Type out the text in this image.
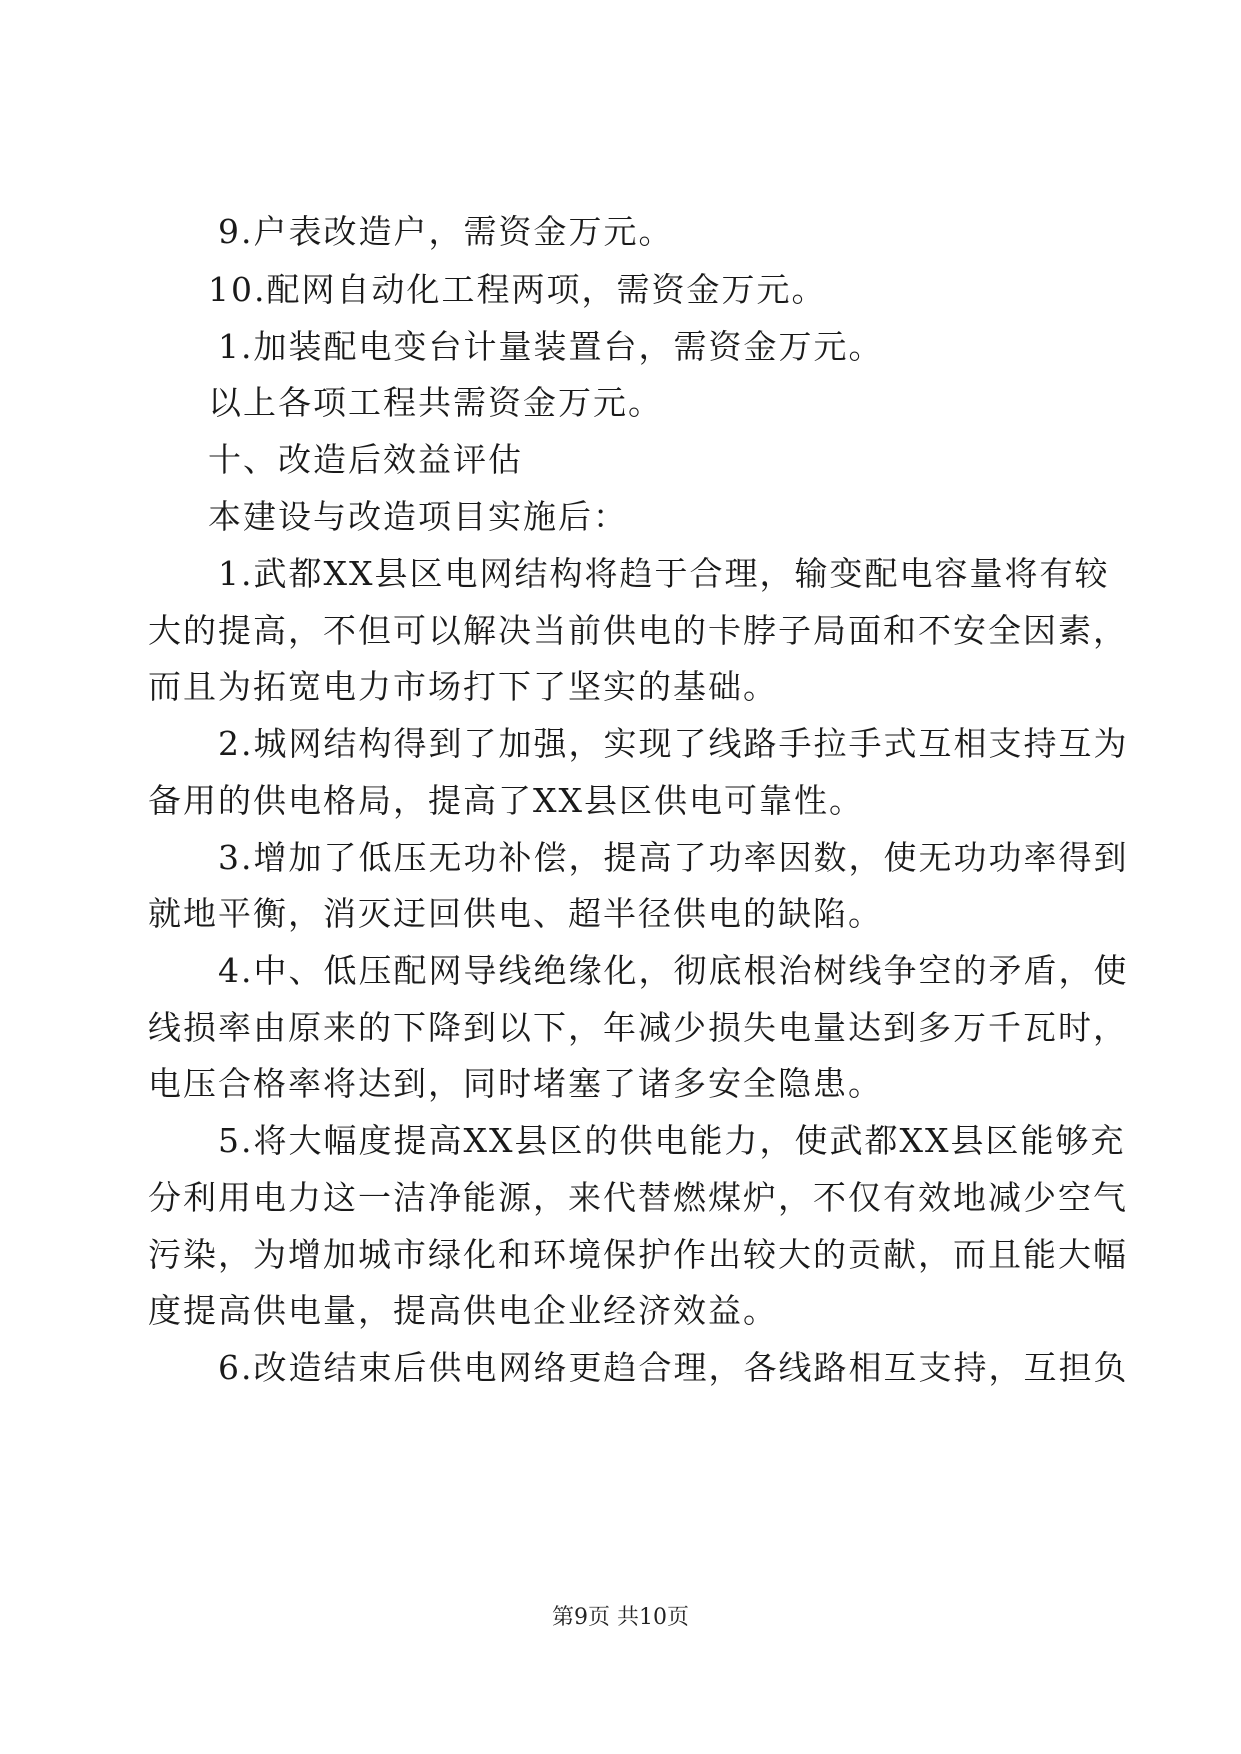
9.户表改造户，需资金万元。
10.配网自动化工程两项，需资金万元。
1.加装配电变台计量装置台，需资金万元。
以上各项工程共需资金万元。
十、改造后效益评估
本建设与改造项目实施后：
1.武都XX县区电网结构将趋于合理，输变配电容量将有较
大的提高，不但可以解决当前供电的卡脖子局面和不安全因素，
而且为拓宽电力市场打下了坚实的基础。
2.城网结构得到了加强，实现了线路手拉手式互相支持互为
备用的供电格局，提高了XX县区供电可靠性。
3.增加了低压无功补偿，提高了功率因数，使无功功率得到
就地平衡，消灭迂回供电、超半径供电的缺陷。
4.中、低压配网导线绝缘化，彻底根治树线争空的矛盾，使
线损率由原来的下降到以下，年减少损失电量达到多万千瓦时，
电压合格率将达到，同时堵塞了诸多安全隐患。
5.将大幅度提高XX县区的供电能力，使武都XX县区能够充
分利用电力这一洁净能源，来代替燃煤炉，不仅有效地减少空气
污染，为增加城市绿化和环境保护作出较大的贡献，而且能大幅
度提高供电量，提高供电企业经济效益。
6.改造结束后供电网络更趋合理，各线路相互支持，互担负
第9页 共10页
